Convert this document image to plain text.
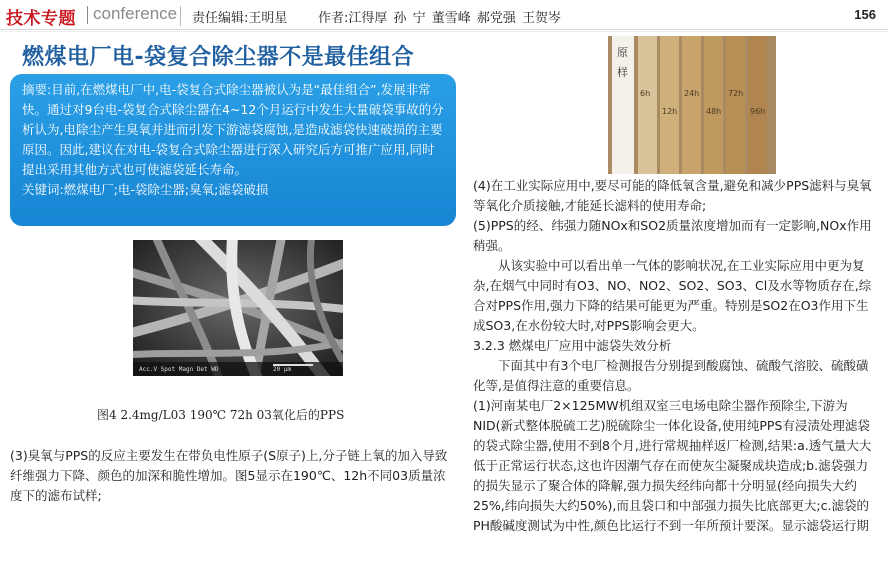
技术专题 conference 责任编辑:王明星 作者:江得厚 孙 宁 董雪峰 郝党强 王贺岑	156
燃煤电厂电-袋复合除尘器不是最佳组合

摘要:目前,在燃煤电厂中,电-袋复合式除尘器被认为是“最佳组合”,发展非常快。通过对9台电-袋复合式除尘器在4~12个月运行中发生大量破袋事故的分析认为,电除尘产生臭氧并进而引发下游滤袋腐蚀,是造成滤袋快速破损的主要原因。因此,建议在对电-袋复合式除尘器进行深入研究后方可推广应用,同时提出采用其他方式也可使滤袋延长寿命。

关键词:燃煤电厂;电-袋除尘器;臭氧;滤袋破损

Acc.V Spot Magn Det WD	20 µm
图4 2.4mg/L03 190℃ 72h 03氧化后的PPS

(3)臭氧与PPS的反应主要发生在带负电性原子(S原子)上,分子链上氧的加入导致纤维强力下降、颜色的加深和脆性增加。图5显示在190℃、12h不同03质量浓度下的滤布试样;

原
样
6h
12h
24h
48h
72h
96h

(4)在工业实际应用中,要尽可能的降低氧含量,避免和减少PPS滤料与臭氧等氧化介质接触,才能延长滤料的使用寿命;

(5)PPS的经、纬强力随NOx和SO2质量浓度增加而有一定影响,NOx作用稍强。

从该实验中可以看出单一气体的影响状况,在工业实际应用中更为复杂,在烟气中同时有O3、NO、NO2、SO2、SO3、Cl及水等物质存在,综合对PPS作用,强力下降的结果可能更为严重。特别是SO2在O3作用下生成SO3,在水份较大时,对PPS影响会更大。

3.2.3 燃煤电厂应用中滤袋失效分析

下面其中有3个电厂检测报告分别提到酸腐蚀、硫酸气溶胶、硫酸磺化等,是值得注意的重要信息。

(1)河南某电厂2×125MW机组双室三电场电除尘器作预除尘,下游为NID(新式整体脱硫工艺)脱硫除尘一体化设备,使用纯PPS有浸渍处理滤袋的袋式除尘器,使用不到8个月,进行常规抽样返厂检测,结果:a.透气量大大低于正常运行状态,这也许因潮气存在而使灰尘凝聚成块造成;b.滤袋强力的损失显示了聚合体的降解,强力损失经纬向都十分明显(经向损失大约25%,纬向损失大约50%),而且袋口和中部强力损失比底部更大;c.滤袋的PH酸碱度测试为中性,颜色比运行不到一年所预计要深。显示滤袋运行期
